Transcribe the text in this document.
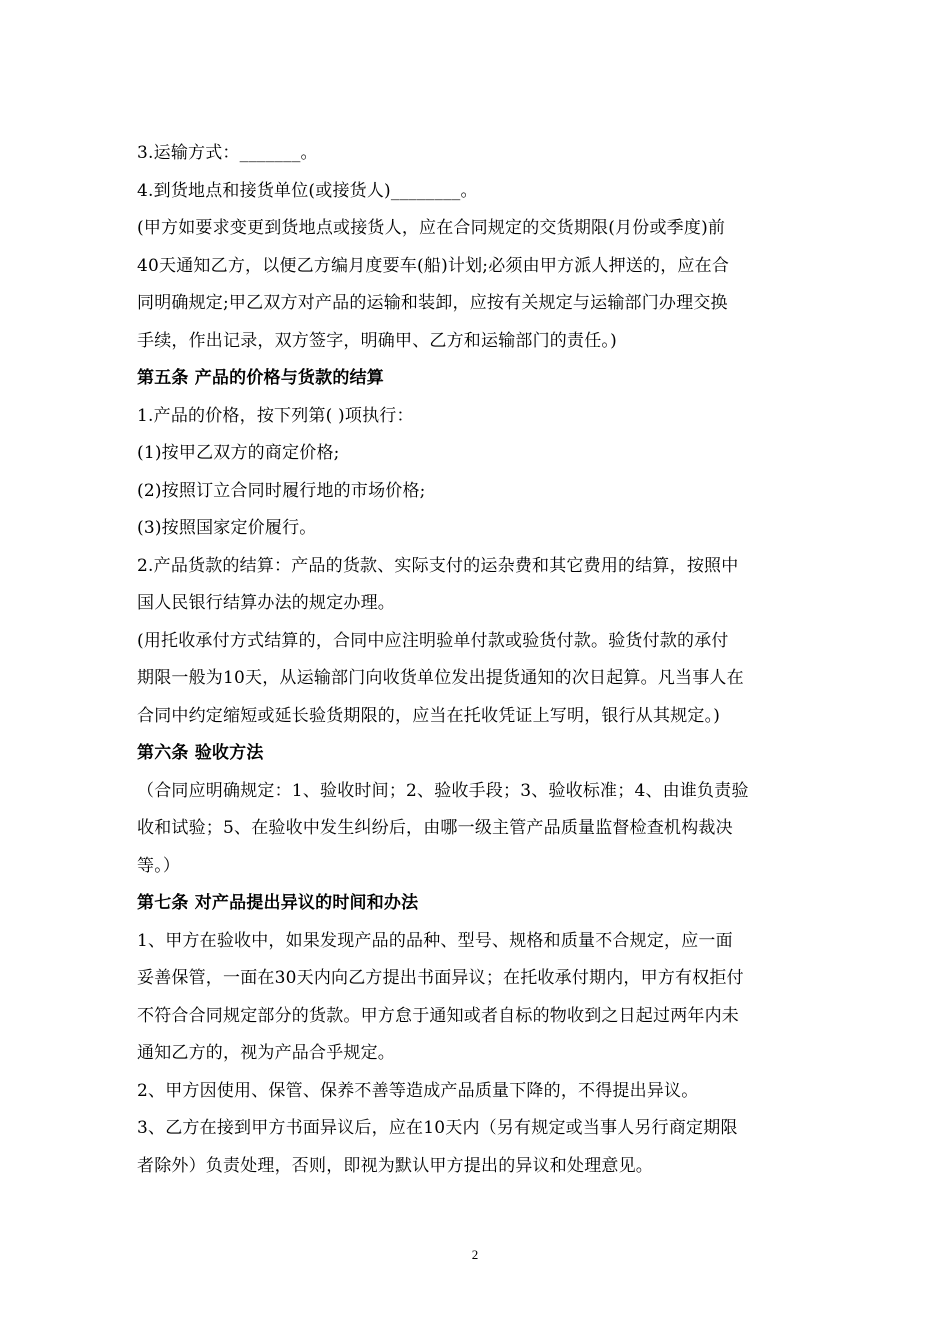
3.运输方式：_______。
4.到货地点和接货单位(或接货人)________。
(甲方如要求变更到货地点或接货人，应在合同规定的交货期限(月份或季度)前
40天通知乙方，以便乙方编月度要车(船)计划;必须由甲方派人押送的，应在合
同明确规定;甲乙双方对产品的运输和装卸，应按有关规定与运输部门办理交换
手续，作出记录，双方签字，明确甲、乙方和运输部门的责任。)
第五条 产品的价格与货款的结算
1.产品的价格，按下列第( )项执行：
(1)按甲乙双方的商定价格;
(2)按照订立合同时履行地的市场价格;
(3)按照国家定价履行。
2.产品货款的结算：产品的货款、实际支付的运杂费和其它费用的结算，按照中
国人民银行结算办法的规定办理。
(用托收承付方式结算的，合同中应注明验单付款或验货付款。验货付款的承付
期限一般为10天，从运输部门向收货单位发出提货通知的次日起算。凡当事人在
合同中约定缩短或延长验货期限的，应当在托收凭证上写明，银行从其规定。)
第六条 验收方法
（合同应明确规定：1、验收时间；2、验收手段；3、验收标准；4、由谁负责验
收和试验；5、在验收中发生纠纷后，由哪一级主管产品质量监督检查机构裁决
等。）
第七条 对产品提出异议的时间和办法
1、甲方在验收中，如果发现产品的品种、型号、规格和质量不合规定，应一面
妥善保管，一面在30天内向乙方提出书面异议；在托收承付期内，甲方有权拒付
不符合合同规定部分的货款。甲方怠于通知或者自标的物收到之日起过两年内未
通知乙方的，视为产品合乎规定。
2、甲方因使用、保管、保养不善等造成产品质量下降的，不得提出异议。
3、乙方在接到甲方书面异议后，应在10天内（另有规定或当事人另行商定期限
者除外）负责处理，否则，即视为默认甲方提出的异议和处理意见。
2
